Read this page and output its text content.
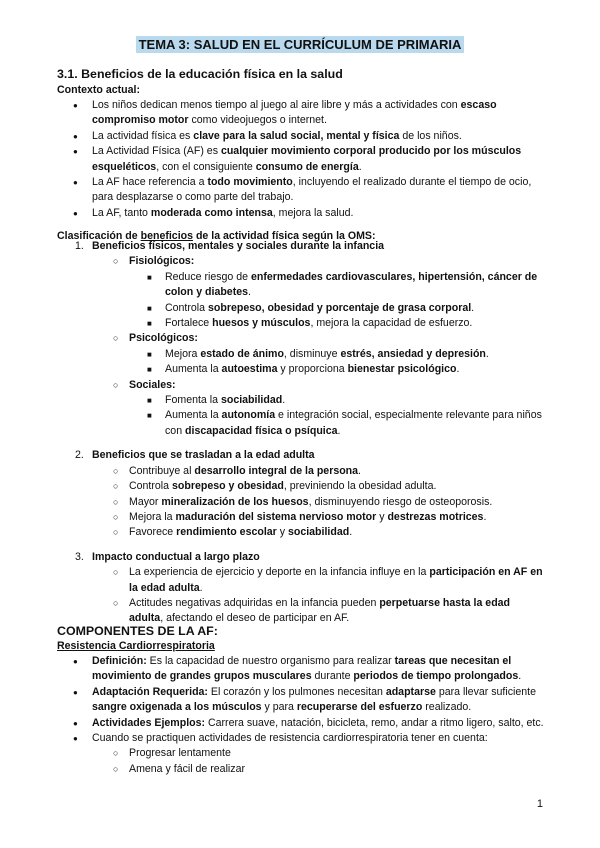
TEMA 3: SALUD EN EL CURRÍCULUM DE PRIMARIA
3.1. Beneficios de la educación física en la salud
Contexto actual:
● Los niños dedican menos tiempo al juego al aire libre y más a actividades con escaso compromiso motor como videojuegos o internet.
● La actividad física es clave para la salud social, mental y física de los niños.
● La Actividad Física (AF) es cualquier movimiento corporal producido por los músculos esqueléticos, con el consiguiente consumo de energía.
● La AF hace referencia a todo movimiento, incluyendo el realizado durante el tiempo de ocio, para desplazarse o como parte del trabajo.
● La AF, tanto moderada como intensa, mejora la salud.
Clasificación de beneficios de la actividad física según la OMS:
1. Beneficios físicos, mentales y sociales durante la infancia
○ Fisiológicos:
■ Reduce riesgo de enfermedades cardiovasculares, hipertensión, cáncer de colon y diabetes.
■ Controla sobrepeso, obesidad y porcentaje de grasa corporal.
■ Fortalece huesos y músculos, mejora la capacidad de esfuerzo.
○ Psicológicos:
■ Mejora estado de ánimo, disminuye estrés, ansiedad y depresión.
■ Aumenta la autoestima y proporciona bienestar psicológico.
○ Sociales:
■ Fomenta la sociabilidad.
■ Aumenta la autonomía e integración social, especialmente relevante para niños con discapacidad física o psíquica.
2. Beneficios que se trasladan a la edad adulta
○ Contribuye al desarrollo integral de la persona.
○ Controla sobrepeso y obesidad, previniendo la obesidad adulta.
○ Mayor mineralización de los huesos, disminuyendo riesgo de osteoporosis.
○ Mejora la maduración del sistema nervioso motor y destrezas motrices.
○ Favorece rendimiento escolar y sociabilidad.
3. Impacto conductual a largo plazo
○ La experiencia de ejercicio y deporte en la infancia influye en la participación en AF en la edad adulta.
○ Actitudes negativas adquiridas en la infancia pueden perpetuarse hasta la edad adulta, afectando el deseo de participar en AF.
COMPONENTES DE LA AF:
Resistencia Cardiorrespiratoria
● Definición: Es la capacidad de nuestro organismo para realizar tareas que necesitan el movimiento de grandes grupos musculares durante periodos de tiempo prolongados.
● Adaptación Requerida: El corazón y los pulmones necesitan adaptarse para llevar suficiente sangre oxigenada a los músculos y para recuperarse del esfuerzo realizado.
● Actividades Ejemplos: Carrera suave, natación, bicicleta, remo, andar a ritmo ligero, salto, etc.
● Cuando se practiquen actividades de resistencia cardiorrespiratoria tener en cuenta:
○ Progresar lentamente
○ Amena y fácil de realizar
1
